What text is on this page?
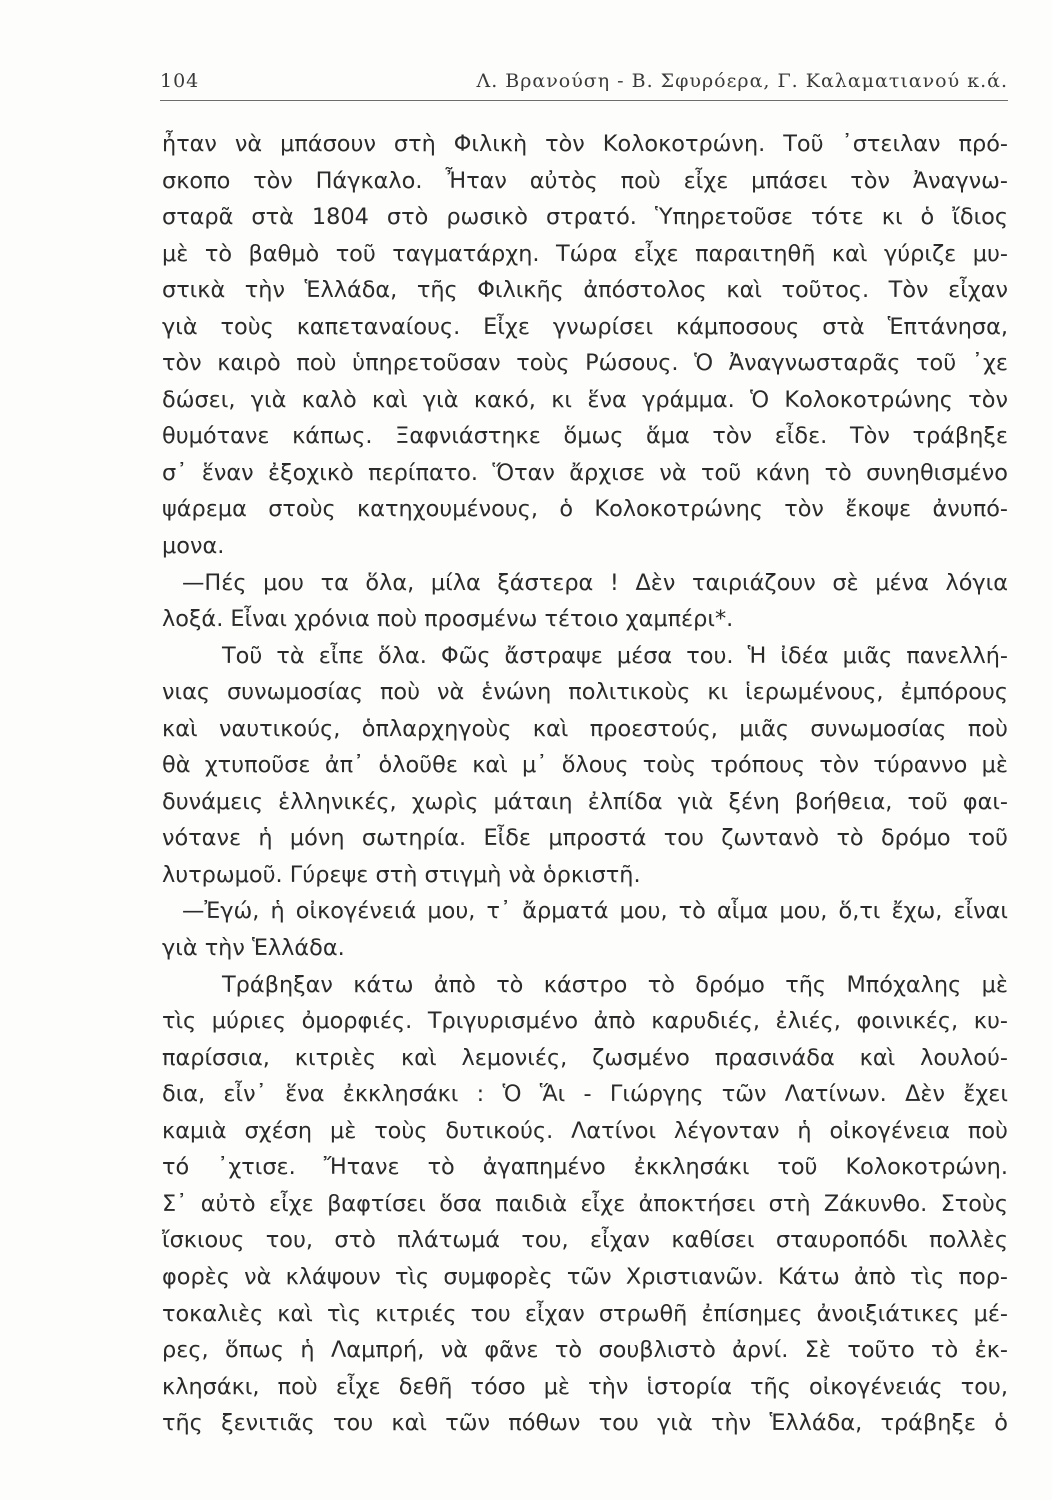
104	Λ. Βρανούση - Β. Σφυρόερα, Γ. Καλαματιανού κ.ά.
ἦταν νὰ μπάσουν στὴ Φιλικὴ τὸν Κολοκοτρώνη. Τοῦ ᾿στειλαν πρό-
σκοπο τὸν Πάγκαλο. Ἦταν αὐτὸς ποὺ εἶχε μπάσει τὸν Ἀναγνω-
σταρᾶ στὰ 1804 στὸ ρωσικὸ στρατό. Ὑπηρετοῦσε τότε κι ὁ ἴδιος
μὲ τὸ βαθμὸ τοῦ ταγματάρχη. Τώρα εἶχε παραιτηθῆ καὶ γύριζε μυ-
στικὰ τὴν Ἑλλάδα, τῆς Φιλικῆς ἀπόστολος καὶ τοῦτος. Τὸν εἶχαν
γιὰ τοὺς καπεταναίους. Εἶχε γνωρίσει κάμποσους στὰ Ἑπτάνησα,
τὸν καιρὸ ποὺ ὑπηρετοῦσαν τοὺς Ρώσους. Ὁ Ἀναγνωσταρᾶς τοῦ ᾿χε
δώσει, γιὰ καλὸ καὶ γιὰ κακό, κι ἕνα γράμμα. Ὁ Κολοκοτρώνης τὸν
θυμότανε κάπως. Ξαφνιάστηκε ὅμως ἅμα τὸν εἶδε. Τὸν τράβηξε
σ᾿ ἕναν ἐξοχικὸ περίπατο. Ὅταν ἄρχισε νὰ τοῦ κάνη τὸ συνηθισμένο
ψάρεμα στοὺς κατηχουμένους, ὁ Κολοκοτρώνης τὸν ἔκοψε ἀνυπό-
μονα.
—Πές μου τα ὅλα, μίλα ξάστερα ! Δὲν ταιριάζουν σὲ μένα λόγια
λοξά. Εἶναι χρόνια ποὺ προσμένω τέτοιο χαμπέρι*.
Τοῦ τὰ εἶπε ὅλα. Φῶς ἄστραψε μέσα του. Ἡ ἰδέα μιᾶς πανελλή-
νιας συνωμοσίας ποὺ νὰ ἑνώνη πολιτικοὺς κι ἱερωμένους, ἐμπόρους
καὶ ναυτικούς, ὁπλαρχηγοὺς καὶ προεστούς, μιᾶς συνωμοσίας ποὺ
θὰ χτυποῦσε ἀπ᾿ ὁλοῦθε καὶ μ᾿ ὅλους τοὺς τρόπους τὸν τύραννο μὲ
δυνάμεις ἑλληνικές, χωρὶς μάταιη ἐλπίδα γιὰ ξένη βοήθεια, τοῦ φαι-
νότανε ἡ μόνη σωτηρία. Εἶδε μπροστά του ζωντανὸ τὸ δρόμο τοῦ
λυτρωμοῦ. Γύρεψε στὴ στιγμὴ νὰ ὁρκιστῆ.
—Ἐγώ, ἡ οἰκογένειά μου, τ᾿ ἄρματά μου, τὸ αἷμα μου, ὅ,τι ἔχω, εἶναι
γιὰ τὴν Ἑλλάδα.
Τράβηξαν κάτω ἀπὸ τὸ κάστρο τὸ δρόμο τῆς Μπόχαλης μὲ
τὶς μύριες ὀμορφιές. Τριγυρισμένο ἀπὸ καρυδιές, ἐλιές, φοινικές, κυ-
παρίσσια, κιτριὲς καὶ λεμονιές, ζωσμένο πρασινάδα καὶ λουλού-
δια, εἶν᾿ ἕνα ἐκκλησάκι : Ὁ Ἅι - Γιώργης τῶν Λατίνων. Δὲν ἔχει
καμιὰ σχέση μὲ τοὺς δυτικούς. Λατίνοι λέγονταν ἡ οἰκογένεια ποὺ
τό ᾿χτισε. Ἤτανε τὸ ἀγαπημένο ἐκκλησάκι τοῦ Κολοκοτρώνη.
Σ᾿ αὐτὸ εἶχε βαφτίσει ὅσα παιδιὰ εἶχε ἀποκτήσει στὴ Ζάκυνθο. Στοὺς
ἴσκιους του, στὸ πλάτωμά του, εἶχαν καθίσει σταυροπόδι πολλὲς
φορὲς νὰ κλάψουν τὶς συμφορὲς τῶν Χριστιανῶν. Κάτω ἀπὸ τὶς πορ-
τοκαλιὲς καὶ τὶς κιτριές του εἶχαν στρωθῆ ἐπίσημες ἀνοιξιάτικες μέ-
ρες, ὅπως ἡ Λαμπρή, νὰ φᾶνε τὸ σουβλιστὸ ἀρνί. Σὲ τοῦτο τὸ ἐκ-
κλησάκι, ποὺ εἶχε δεθῆ τόσο μὲ τὴν ἱστορία τῆς οἰκογένειάς του,
τῆς ξενιτιᾶς του καὶ τῶν πόθων του γιὰ τὴν Ἑλλάδα, τράβηξε ὁ
